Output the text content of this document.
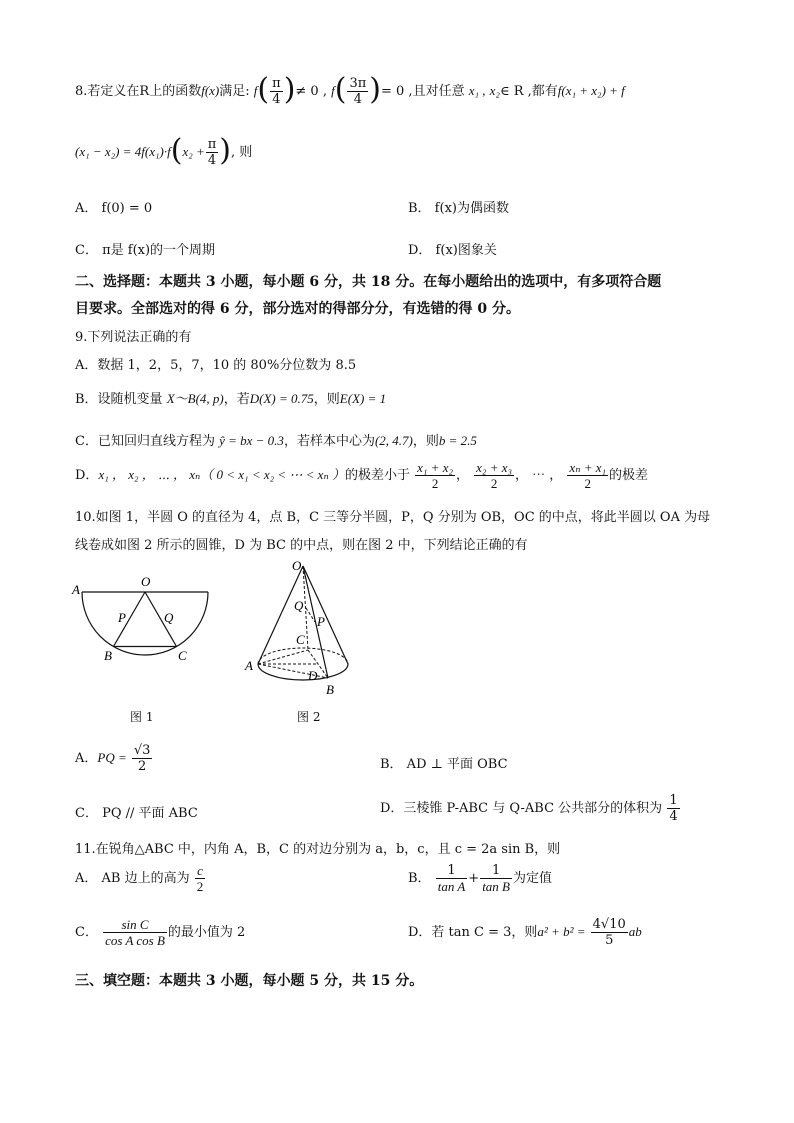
8.若定义在R上的函数f(x)满足: $f( \frac{\pi}{4}$ )≠ 0 , $f( \frac{3\pi}{4}$ )= 0 ,且对任意 x₁ , x₂∈ R ,都有f(x₁ + x₂) + f
$(x_1 - x_2) = 4f(x_1)\cdot f(x_2 + \frac{\pi}{4}$ ), 则
A． f(0) = 0	B． f(x)为偶函数
C． π是 f(x)的一个周期	D． f(x)图象关
二、选择题：本题共 3 小题，每小题 6 分，共 18 分。在每小题给出的选项中，有多项符合题
目要求。全部选对的得 6 分，部分选对的得部分分，有选错的得 0 分。
9.下列说法正确的有
A．数据 1，2，5，7，10 的 80%分位数为 8.5
B．设随机变量 X～B(4, p)，若D(X) = 0.75，则E(X) = 1
C．已知回归直线方程为 ŷ = bx − 0.3，若样本中心为(2, 4.7)，则b = 2.5
D．x₁ ， x₂ ， ⋯ ， xₙ（ 0 < x₁ < x₂ < ⋯ < xₙ ）的极差小于 $\frac{\text{x₁ + x₂}}{2}$ ， $\frac{\text{x₂ + x₃}}{2}$ ， ⋯ ， $\frac{\text{xₙ + x₁}}{2}$ 的极差
10.如图 1，半圆 O 的直径为 4，点 B，C 三等分半圆，P，Q 分别为 OB，OC 的中点，将此半圆以 OA 为母
线卷成如图 2 所示的圆锥，D 为 BC 的中点，则在图 2 中，下列结论正确的有
A
O
P	Q
B	C
图 1
O
Q
P
C
A
D
B
图 2
A．PQ = $\frac{√3}{2}$	B． AD ⊥ 平面 OBC
C． PQ // 平面 ABC	D．三棱锥 P-ABC 与 Q-ABC 公共部分的体积为 $\frac{1}{4}$
11.在锐角△ABC 中，内角 A，B，C 的对边分别为 a，b，c，且 c = 2a sin B，则
A． AB 边上的高为 $\frac{c}{2}$	B． $\frac{1}{\text{tan A}} + \frac{1}{\text{tan B}}$ 为定值
C． $\frac{\text{sin C}}{\text{cos A cos B}}$ 的最小值为 2	D．若 tan C = 3，则$a^2 + b^2 = \frac{4√10}{5}$ ab
三、填空题：本题共 3 小题，每小题 5 分，共 15 分。
